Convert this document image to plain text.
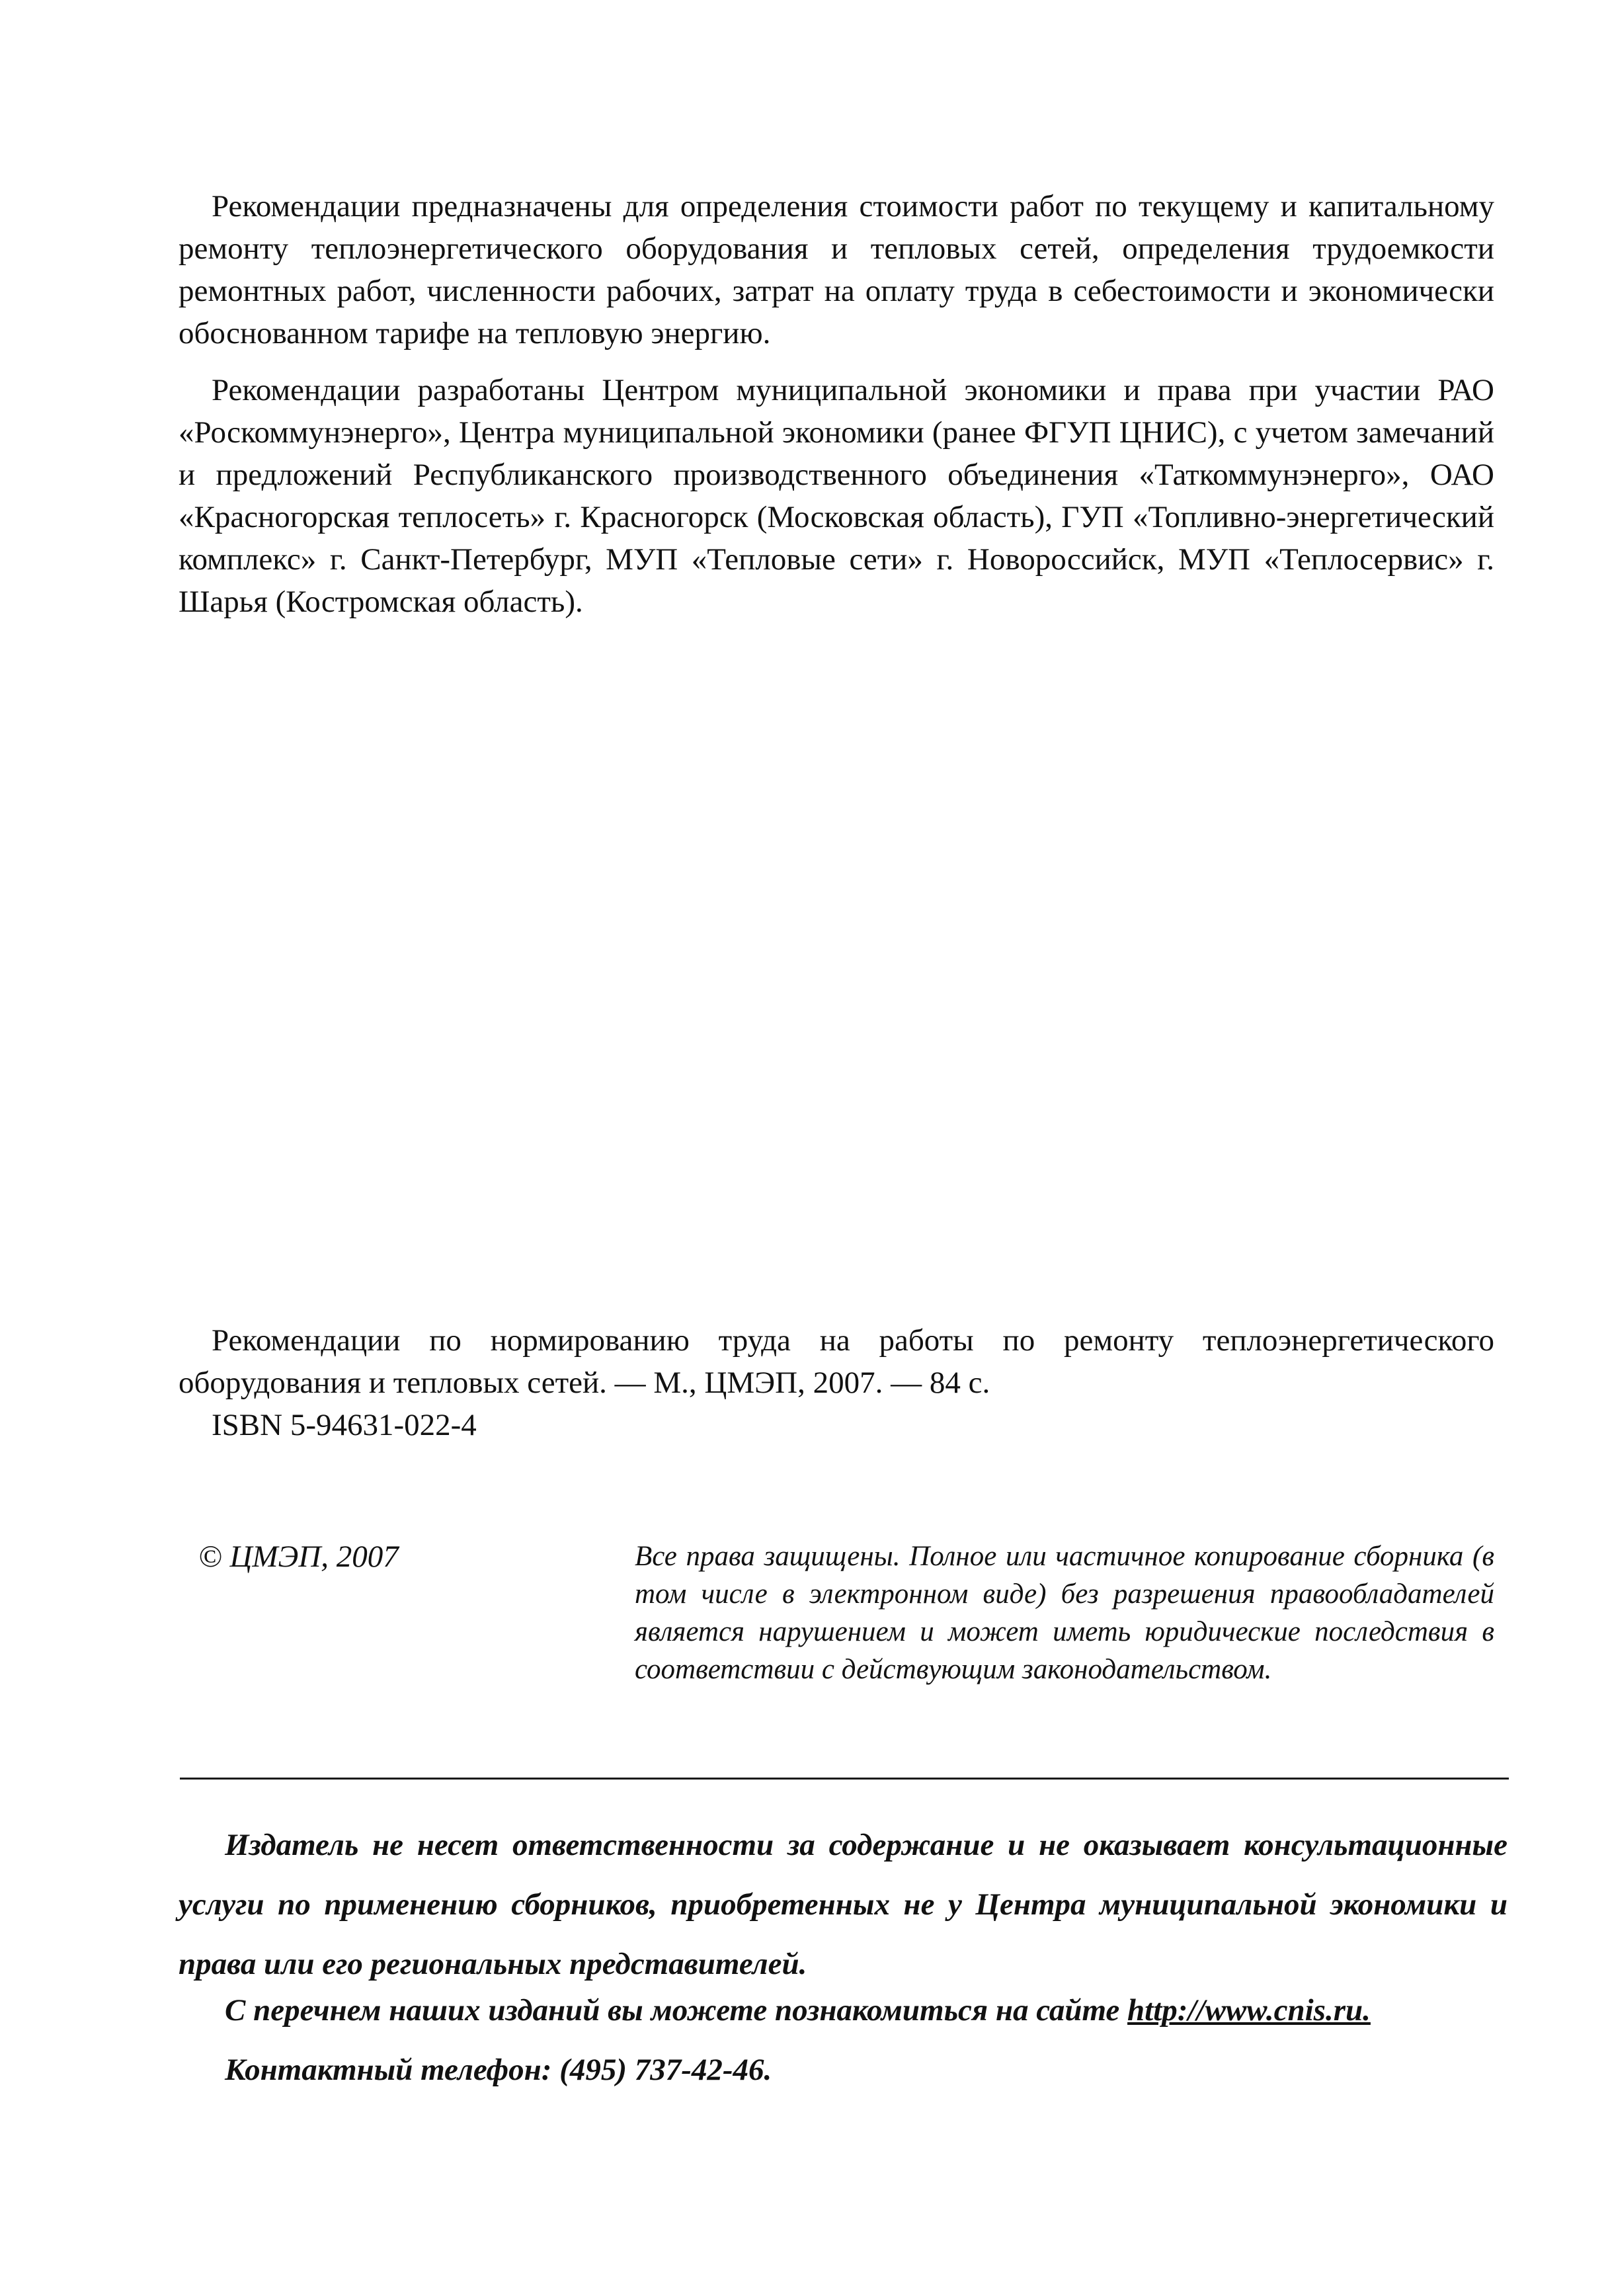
Рекомендации предназначены для определения стоимости работ по текущему и капитальному ремонту теплоэнергетического оборудования и тепловых сетей, определения трудоемкости ремонтных работ, численности рабочих, затрат на оплату труда в себестоимости и экономически обоснованном тарифе на тепловую энергию.

Рекомендации разработаны Центром муниципальной экономики и права при участии РАО «Роскоммунэнерго», Центра муниципальной экономики (ранее ФГУП ЦНИС), с учетом замечаний и предложений Республиканского производственного объединения «Таткоммунэнерго», ОАО «Красногорская теплосеть» г. Красногорск (Московская область), ГУП «Топливно-энергетический комплекс» г. Санкт-Петербург, МУП «Тепловые сети» г. Новороссийск, МУП «Теплосервис» г. Шарья (Костромская область).

Рекомендации по нормированию труда на работы по ремонту теплоэнергетического оборудования и тепловых сетей. — М., ЦМЭП, 2007. — 84 с.

ISBN 5-94631-022-4

© ЦМЭП, 2007	Все права защищены. Полное или частичное копирование сборника (в том числе в электронном виде) без разрешения правообладателей является нарушением и может иметь юридические последствия в соответствии с действующим законодательством.

Издатель не несет ответственности за содержание и не оказывает консультационные услуги по применению сборников, приобретенных не у Центра муниципальной экономики и права или его региональных представителей.

С перечнем наших изданий вы можете познакомиться на сайте http://www.cnis.ru.

Контактный телефон: (495) 737-42-46.
